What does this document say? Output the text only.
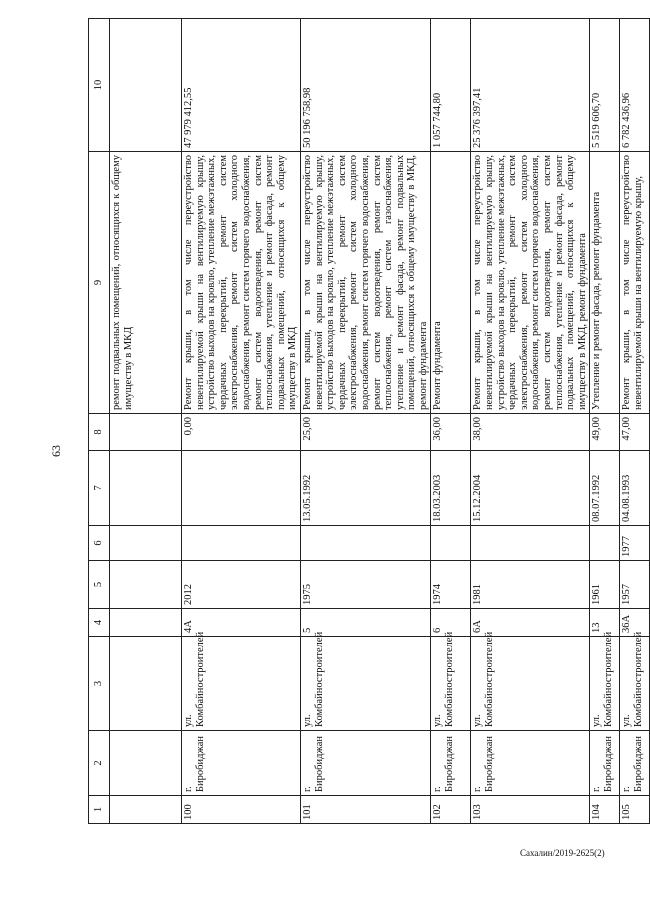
63
1	2	3	4	5	6	7	8	9	10
								ремонт подвальных помещений, относящихся к общему имуществу в МКД	
100	г. Биробиджан	ул. Комбайностроителей	4А	2012			0,00	Ремонт крыши, в том числе переустройство невентилируемой крыши на вентилируемую крышу, устройство выходов на кровлю, утепление межэтажных, чердачных перекрытий, ремонт систем электроснабжения, ремонт систем холодного водоснабжения, ремонт систем горячего водоснабжения, ремонт систем водоотведения, ремонт систем теплоснабжения, утепление и ремонт фасада, ремонт подвальных помещений, относящихся к общему имуществу в МКД	47 979 412,55
101	г. Биробиджан	ул. Комбайностроителей	5	1975		13.05.1992	25,00	Ремонт крыши, в том числе переустройство невентилируемой крыши на вентилируемую крышу, устройство выходов на кровлю, утепление межэтажных, чердачных перекрытий, ремонт систем электроснабжения, ремонт систем холодного водоснабжения, ремонт систем горячего водоснабжения, ремонт систем водоотведения, ремонт систем теплоснабжения, ремонт систем газоснабжения, утепление и ремонт фасада, ремонт подвальных помещений, относящихся к общему имуществу в МКД, ремонт фундамента	50 196 758,98
102	г. Биробиджан	ул. Комбайностроителей	6	1974		18.03.2003	36,00	Ремонт фундамента	1 057 744,80
103	г. Биробиджан	ул. Комбайностроителей	6А	1981		15.12.2004	38,00	Ремонт крыши, в том числе переустройство невентилируемой крыши на вентилируемую крышу, устройство выходов на кровлю, утепление межэтажных, чердачных перекрытий, ремонт систем электроснабжения, ремонт систем холодного водоснабжения, ремонт систем горячего водоснабжения, ремонт систем водоотведения, ремонт систем теплоснабжения, утепление и ремонт фасада, ремонт подвальных помещений, относящихся к общему имуществу в МКД, ремонт фундамента	25 376 397,41
104	г. Биробиджан	ул. Комбайностроителей	13	1961		08.07.1992	49,00	Утепление и ремонт фасада, ремонт фундамента	5 519 606,70
105	г. Биробиджан	ул. Комбайностроителей	36А	1957	1977	04.08.1993	47,00	Ремонт крыши, в том числе переустройство невентилируемой крыши на вентилируемую крышу,	6 782 436,96
Сахалин/2019-2625(2)
